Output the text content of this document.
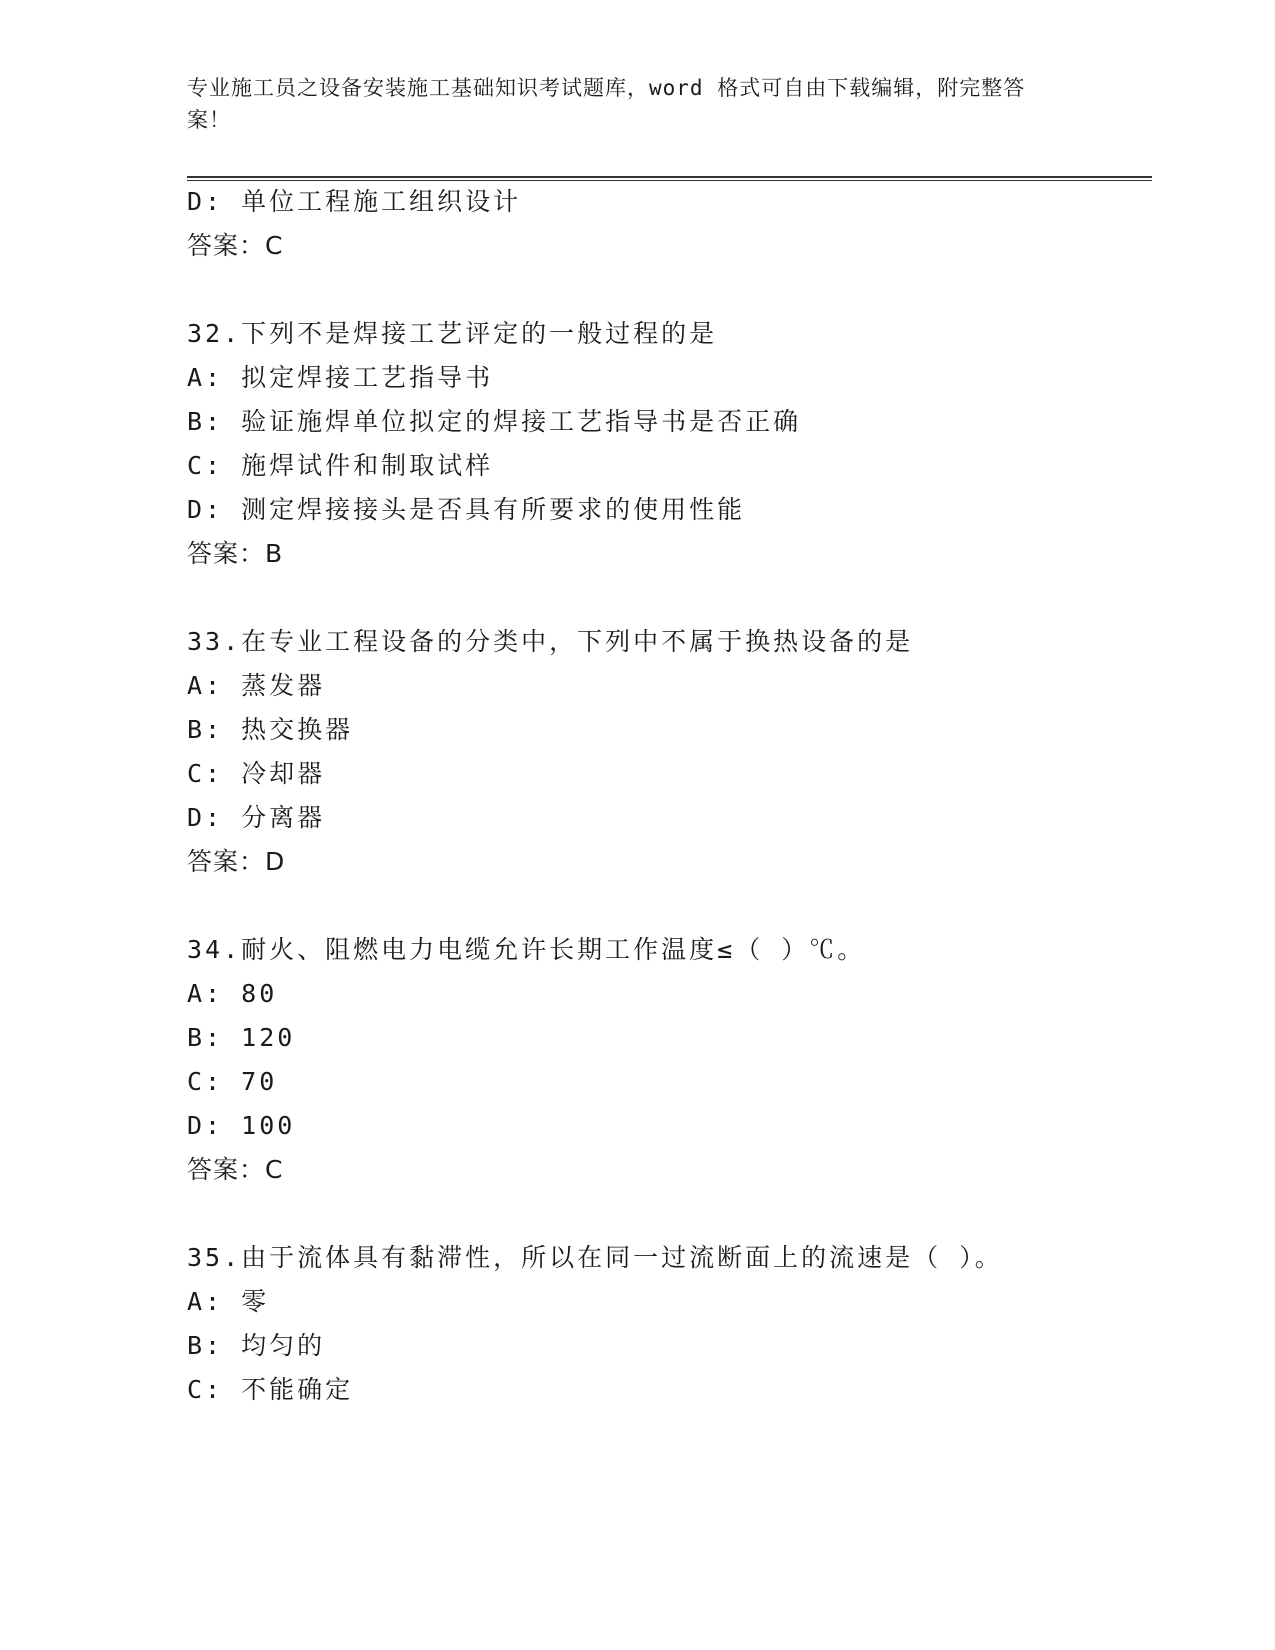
专业施工员之设备安装施工基础知识考试题库，word 格式可自由下载编辑，附完整答案！
D: 单位工程施工组织设计
答案：C
32.下列不是焊接工艺评定的一般过程的是
A: 拟定焊接工艺指导书
B: 验证施焊单位拟定的焊接工艺指导书是否正确
C: 施焊试件和制取试样
D: 测定焊接接头是否具有所要求的使用性能
答案：B
33.在专业工程设备的分类中，下列中不属于换热设备的是
A: 蒸发器
B: 热交换器
C: 冷却器
D: 分离器
答案：D
34.耐火、阻燃电力电缆允许长期工作温度≤（ ）℃。
A: 80
B: 120
C: 70
D: 100
答案：C
35.由于流体具有黏滞性，所以在同一过流断面上的流速是（ ）。
A: 零
B: 均匀的
C: 不能确定
